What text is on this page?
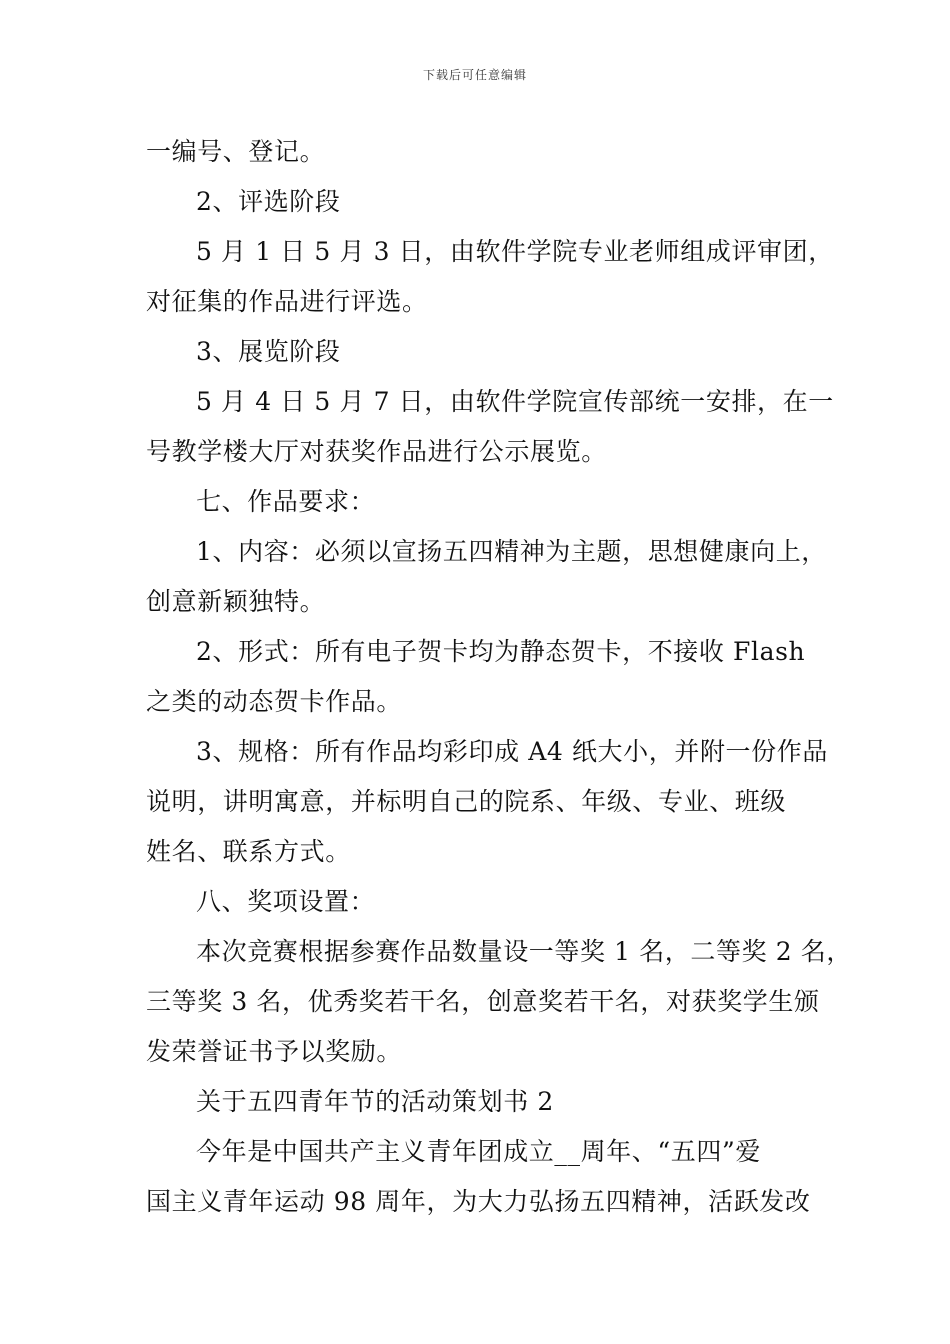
下载后可任意编辑
一编号、登记。
2、评选阶段
5 月 1 日 5 月 3 日，由软件学院专业老师组成评审团，
对征集的作品进行评选。
3、展览阶段
5 月 4 日 5 月 7 日，由软件学院宣传部统一安排，在一
号教学楼大厅对获奖作品进行公示展览。
七、作品要求：
1、内容：必须以宣扬五四精神为主题，思想健康向上，
创意新颖独特。
2、形式：所有电子贺卡均为静态贺卡，不接收 Flash
之类的动态贺卡作品。
3、规格：所有作品均彩印成 A4 纸大小，并附一份作品
说明，讲明寓意，并标明自己的院系、年级、专业、班级
姓名、联系方式。
八、奖项设置：
本次竞赛根据参赛作品数量设一等奖 1 名，二等奖 2 名，
三等奖 3 名，优秀奖若干名，创意奖若干名，对获奖学生颁
发荣誉证书予以奖励。
关于五四青年节的活动策划书 2
今年是中国共产主义青年团成立__周年、“五四”爱
国主义青年运动 98 周年，为大力弘扬五四精神，活跃发改
